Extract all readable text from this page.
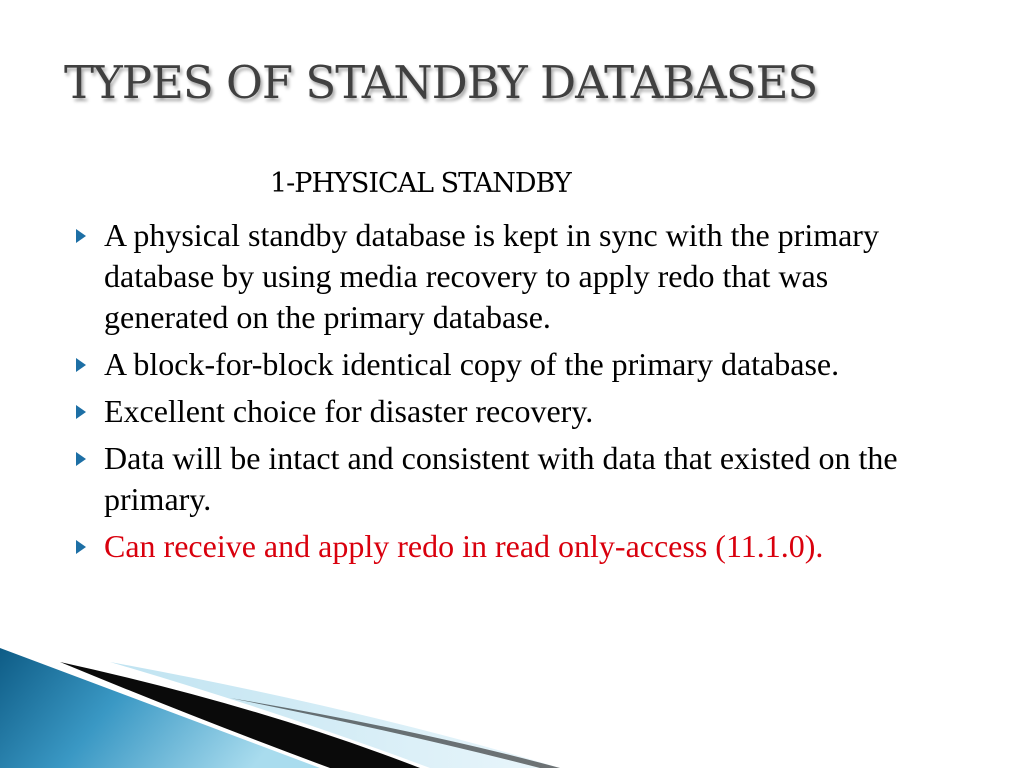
TYPES OF STANDBY DATABASES
1-PHYSICAL STANDBY
A physical standby database is kept in sync with the primary database by using media recovery to apply redo that was generated on the primary database.
A block-for-block identical copy of the primary database.
Excellent choice for disaster recovery.
Data will be intact and consistent with data that existed on the primary.
Can receive and apply redo in read only-access (11.1.0).
